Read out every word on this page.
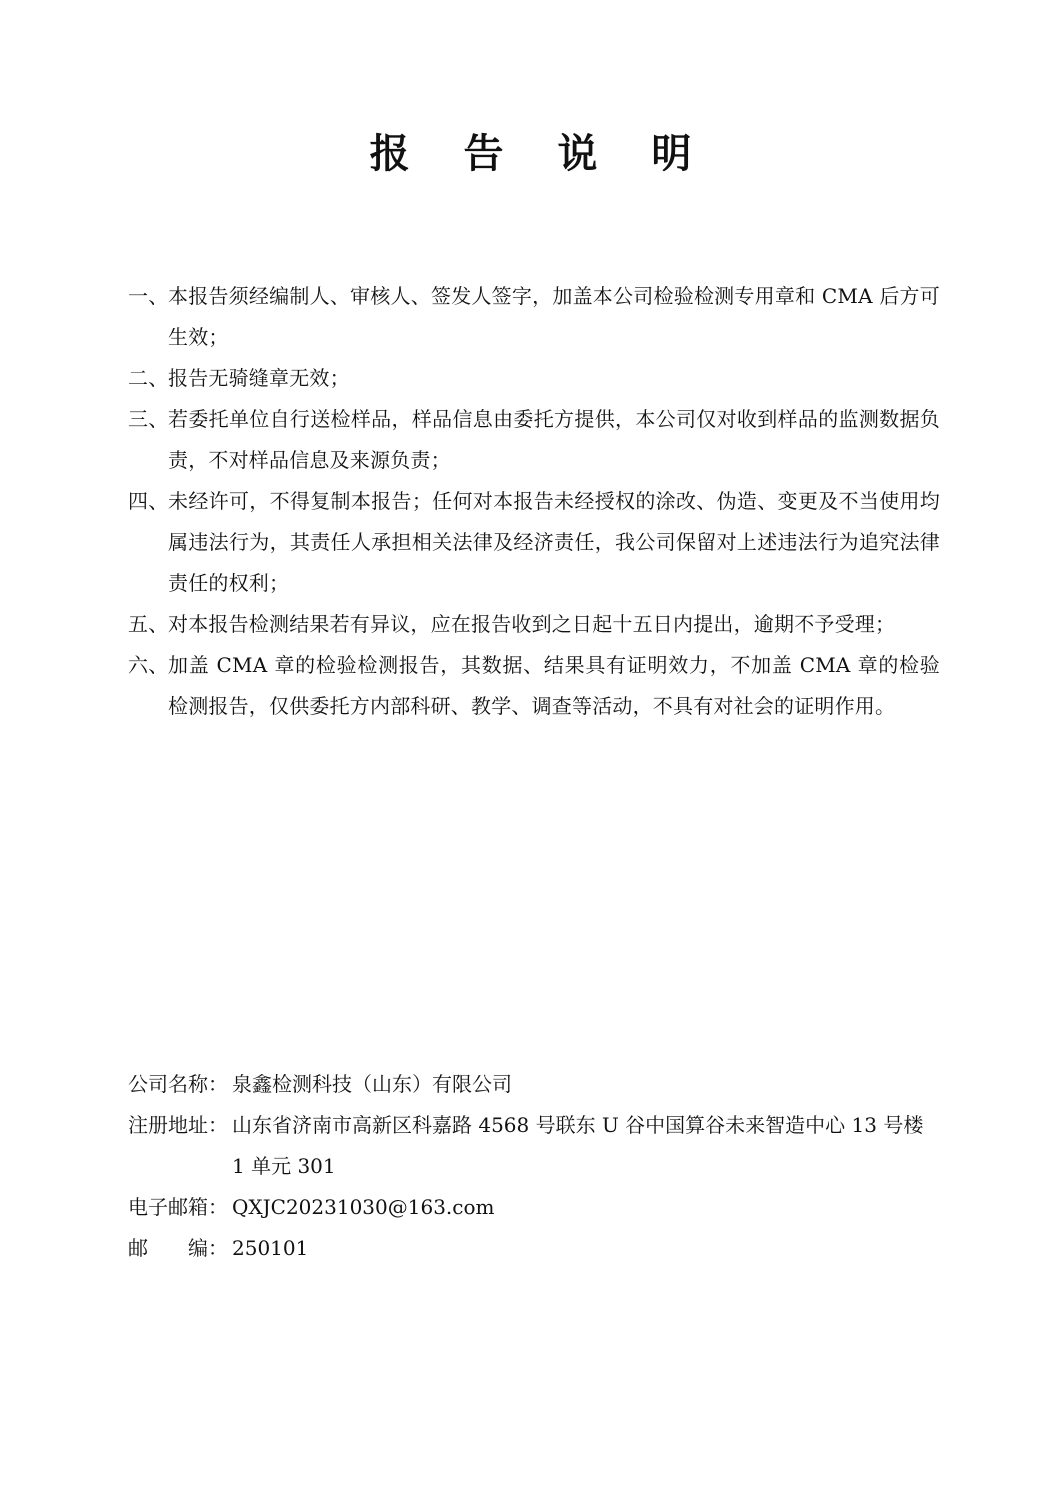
报 告 说 明
一、 本报告须经编制人、审核人、签发人签字，加盖本公司检验检测专用章和 CMA 后方可生效；
二、 报告无骑缝章无效；
三、 若委托单位自行送检样品，样品信息由委托方提供，本公司仅对收到样品的监测数据负责，不对样品信息及来源负责；
四、 未经许可，不得复制本报告；任何对本报告未经授权的涂改、伪造、变更及不当使用均属违法行为，其责任人承担相关法律及经济责任，我公司保留对上述违法行为追究法律责任的权利；
五、 对本报告检测结果若有异议，应在报告收到之日起十五日内提出，逾期不予受理；
六、 加盖 CMA 章的检验检测报告，其数据、结果具有证明效力，不加盖 CMA 章的检验检测报告，仅供委托方内部科研、教学、调查等活动，不具有对社会的证明作用。
公司名称： 泉鑫检测科技（山东）有限公司
注册地址： 山东省济南市高新区科嘉路 4568 号联东 U 谷中国算谷未来智造中心 13 号楼 1 单元 301
电子邮箱： QXJC20231030@163.com
邮　　编： 250101
